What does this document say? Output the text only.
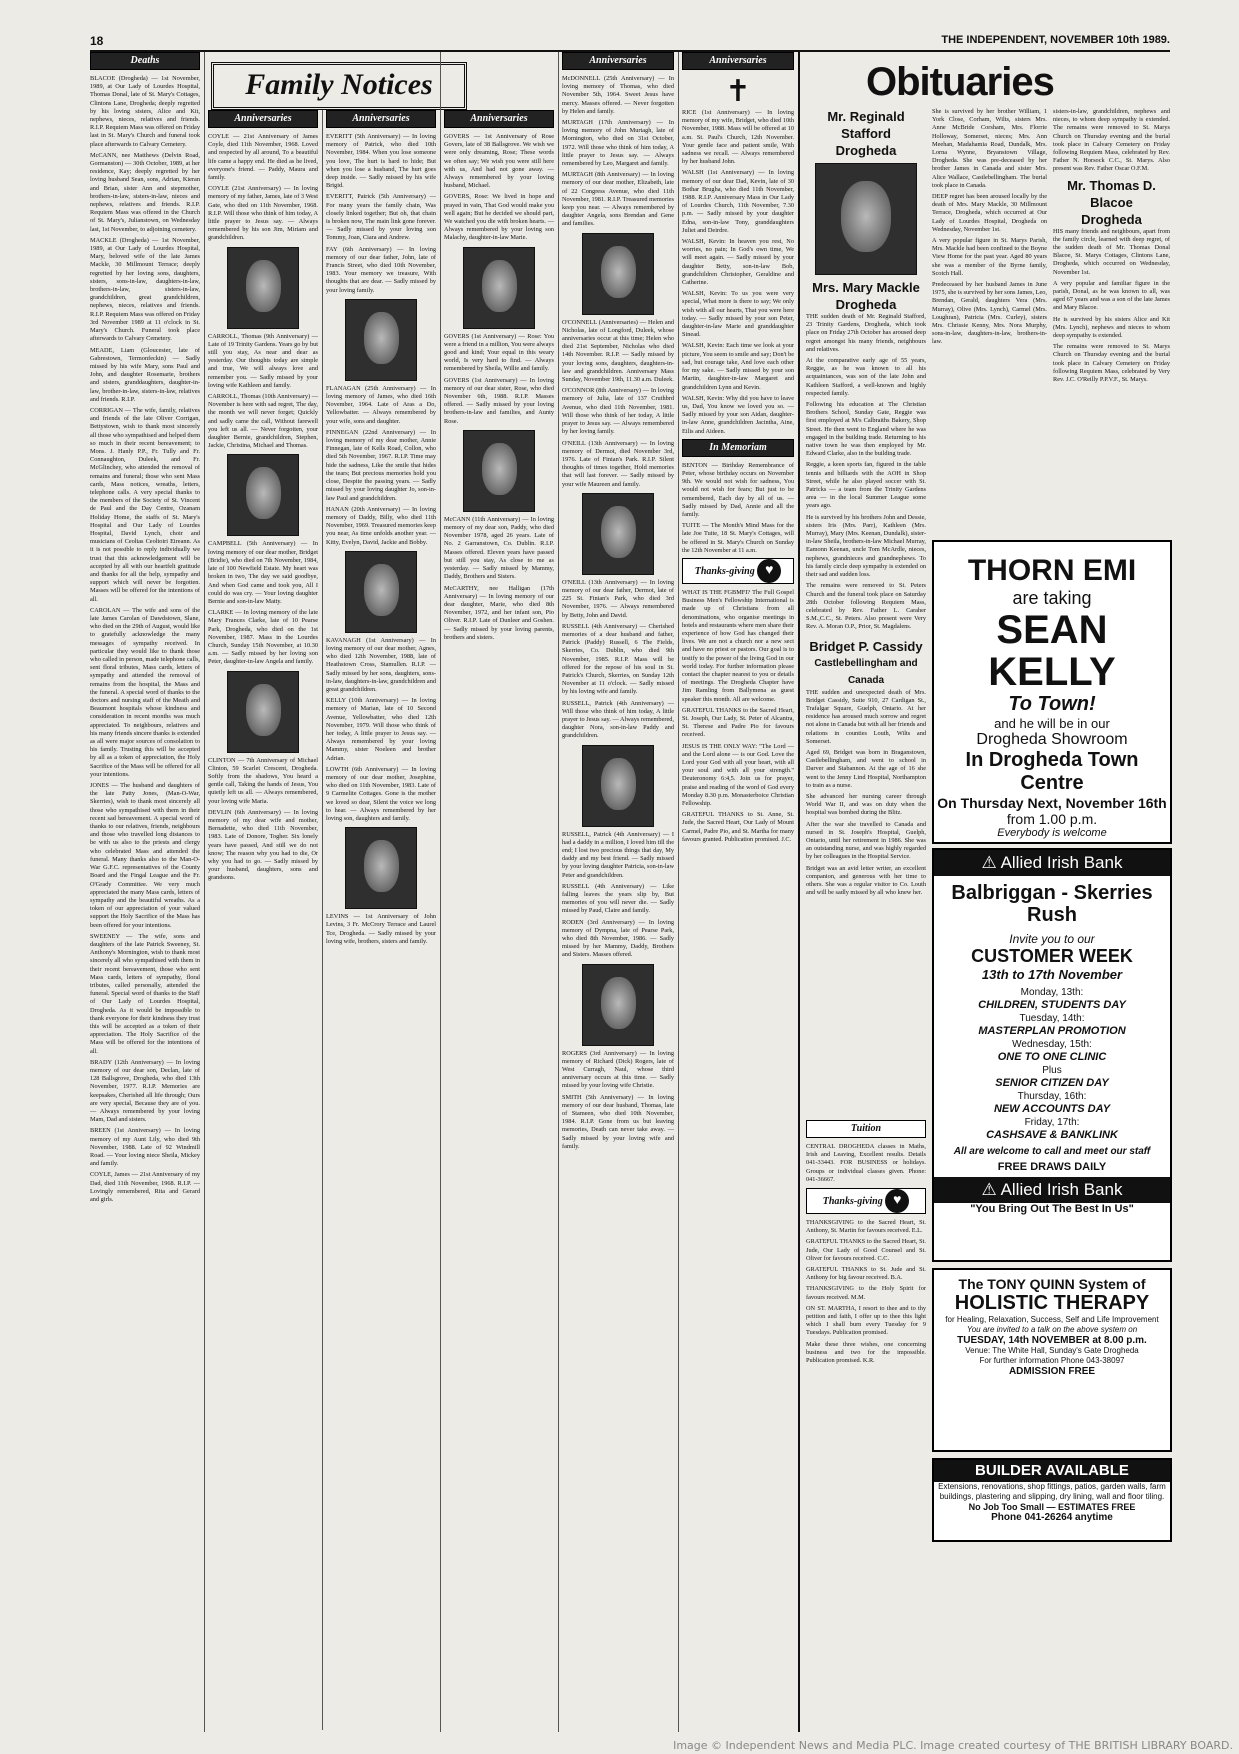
18	THE INDEPENDENT, NOVEMBER 10th 1989.
Deaths

BLACOE (Drogheda) — 1st November, 1989, at Our Lady of Lourdes Hospital, Thomas Donal, late of St. Mary's Cottages, Clintons Lane, Drogheda; deeply regretted by his loving sisters, Alice and Kit, nephews, nieces, relatives and friends. R.I.P. Requiem Mass was offered on Friday last in St. Mary's Church and funeral took place afterwards to Calvary Cemetery.

McCANN, nee Matthews (Delvin Road, Gormanston) — 30th October, 1989, at her residence, Kay; deeply regretted by her loving husband Sean, sons, Adrian, Kieran and Brian, sister Ann and stepmother, brothers-in-law, sisters-in-law, nieces and nephews, relatives and friends. R.I.P. Requiem Mass was offered in the Church of St. Mary's, Julianstown, on Wednesday last, 1st November, to adjoining cemetery.

MACKLE (Drogheda) — 1st November, 1989, at Our Lady of Lourdes Hospital, Mary, beloved wife of the late James Mackle, 30 Millmount Terrace; deeply regretted by her loving sons, daughters, sisters, sons-in-law, daughters-in-law, brothers-in-law, sisters-in-law, grandchildren, great grandchildren, nephews, nieces, relatives and friends. R.I.P. Requiem Mass was offered on Friday 3rd November 1989 at 11 o'clock in St. Mary's Church. Funeral took place afterwards to Calvary Cemetery.

MEADE, Liam (Gloucester, late of Gabrestown, Termonfeckin) — Sadly missed by his wife Mary, sons Paul and John, and daughter Rosemarie, brothers and sisters, granddaughters, daughter-in-law, brother-in-law, sisters-in-law, relatives and friends. R.I.P.

CORRIGAN — The wife, family, relatives and friends of the late Oliver Corrigan, Bettystown, wish to thank most sincerely all those who sympathised and helped them so much in their recent bereavement; to Mons. J. Hanly P.P., Fr. Tully and Fr. Connaughton, Duleek, and Fr. McGlinchey, who attended the removal of remains and funeral; those who sent Mass cards, Mass notices, wreaths, letters, telephone calls. A very special thanks to the members of the Society of St. Vincent de Paul and the Day Centre, Ozanam Holiday Home, the staffs of St. Mary's Hospital and Our Lady of Lourdes Hospital, David Lynch, choir and musicians of Ceoltas Ceoltoiri Eireann. As it is not possible to reply individually we trust that this acknowledgement will be accepted by all with our heartfelt gratitude and thanks for all the help, sympathy and support which will never be forgotten. Masses will be offered for the intentions of all.

CAROLAN — The wife and sons of the late James Carolan of Dawdstown, Slane, who died on the 29th of August, would like to gratefully acknowledge the many messages of sympathy received. In particular they would like to thank those who called in person, made telephone calls, sent floral tributes, Mass cards, letters of sympathy and attended the removal of remains from the hospital, the Mass and the funeral. A special word of thanks to the doctors and nursing staff of the Meath and Beaumont hospitals whose kindness and consideration in recent months was much appreciated. To neighbours, relatives and his many friends sincere thanks is extended as all were major sources of consolation to his family. Trusting this will be accepted by all as a token of appreciation, the Holy Sacrifice of the Mass will be offered for all your intentions.

JONES — The husband and daughters of the late Patty Jones, (Man-O-War, Skerries), wish to thank most sincerely all those who sympathised with them in their recent sad bereavement. A special word of thanks to our relatives, friends, neighbours and those who travelled long distances to be with us also to the priests and clergy who celebrated Mass and attended the funeral. Many thanks also to the Man-O-War G.F.C. representatives of the County Board and the Fingal League and the Fr. O'Grady Committee. We very much appreciated the many Mass cards, letters of sympathy and the beautiful wreaths. As a token of our appreciation of your valued support the Holy Sacrifice of the Mass has been offered for your intentions.

SWEENEY — The wife, sons and daughters of the late Patrick Sweeney, St. Anthony's Mornington, wish to thank most sincerely all who sympathised with them in their recent bereavement, those who sent Mass cards, letters of sympathy, floral tributes, called personally, attended the funeral. Special word of thanks to the Staff of Our Lady of Lourdes Hospital, Drogheda. As it would be impossible to thank everyone for their kindness they trust this will be accepted as a token of their appreciation. The Holy Sacrifice of the Mass will be offered for the intentions of all.

BRADY (12th Anniversary) — In loving memory of our dear son, Declan, late of 128 Ballsgrove, Drogheda, who died 13th November, 1977. R.I.P. Memories are keepsakes, Cherished all life through; Ours are very special, Because they are of you. — Always remembered by your loving Mam, Dad and sisters.

BREEN (1st Anniversary) — In loving memory of my Aunt Lily, who died 9th November, 1988. Late of 92 Windmill Road. — Your loving niece Sheila, Mickey and family.

COYLE, James — 21st Anniversary of my Dad, died 11th November, 1968. R.I.P. — Lovingly remembered, Rita and Gerard and girls.

Family Notices
Anniversaries

COYLE — 21st Anniversary of James Coyle, died 11th November, 1968. Loved and respected by all around, To a beautiful life came a happy end. He died as he lived, everyone's friend. — Paddy, Maura and family.

COYLE (21st Anniversary) — In loving memory of my father, James, late of 3 West Gate, who died on 11th November, 1968. R.I.P. Will those who think of him today, A little prayer to Jesus say. — Always remembered by his son Jim, Miriam and grandchildren.

CARROLL, Thomas (9th Anniversary) — Late of 19 Trinity Gardens. Years go by but still you stay, As near and dear as yesterday. Our thoughts today are simple and true, We will always love and remember you. — Sadly missed by your loving wife Kathleen and family.

CARROLL, Thomas (10th Anniversary) — November is here with sad regret, The day, the month we will never forget; Quickly and sadly came the call, Without farewell you left us all. — Never forgotten, your daughter Bernie, grandchildren, Stephen, Jackie, Christina, Michael and Thomas.

CAMPBELL (5th Anniversary) — In loving memory of our dear mother, Bridget (Bridie), who died on 7th November, 1984, late of 100 Newfield Estate. My heart was broken in two, The day we said goodbye, And when God came and took you, All I could do was cry. — Your loving daughter Bernie and son-in-law Matty.

CLARKE — In loving memory of the late Mary Frances Clarke, late of 10 Pearse Park, Drogheda, who died on the 1st November, 1987. Mass in the Lourdes Church, Sunday 15th November, at 10.30 a.m. — Sadly missed by her loving son Peter, daughter-in-law Angela and family.

CLINTON — 7th Anniversary of Michael Clinton, 59 Scarlet Crescent, Drogheda. Softly from the shadows, You heard a gentle call, Taking the hands of Jesus, You quietly left us all. — Always remembered, your loving wife Maria.

DEVLIN (6th Anniversary) — In loving memory of my dear wife and mother, Bernadette, who died 11th November, 1983. Late of Donore, Togher. Six lonely years have passed, And still we do not know; The reason why you had to die, Or why you had to go. — Sadly missed by your husband, daughters, sons and grandsons.

Anniversaries

EVERITT (5th Anniversary) — In loving memory of Patrick, who died 10th November, 1984. When you lose someone you love, The hurt is hard to hide; But when you lose a husband, The hurt goes deep inside. — Sadly missed by his wife Brigid.

EVERITT, Patrick (5th Anniversary) — For many years the family chain, Was closely linked together; But oh, that chain is broken now, The main link gone forever. — Sadly missed by your loving son Tommy, Joan, Ciara and Andrew.

FAY (6th Anniversary) — In loving memory of our dear father, John, late of Francis Street, who died 10th November, 1983. Your memory we treasure, With thoughts that are dear. — Sadly missed by your loving family.

FLANAGAN (25th Anniversary) — In loving memory of James, who died 16th November, 1964. Late of Aras a Do, Yellowbatter. — Always remembered by your wife, sons and daughter.

FINNEGAN (22nd Anniversary) — In loving memory of my dear mother, Annie Finnegan, late of Kells Road, Collon, who died 5th November, 1967. R.I.P. Time may hide the sadness, Like the smile that hides the tears; But precious memories hold you close, Despite the passing years. — Sadly missed by your loving daughter Jo, son-in-law Paul and grandchildren.

HANAN (20th Anniversary) — In loving memory of Daddy, Billy, who died 11th November, 1969. Treasured memories keep you near, As time unfolds another year. — Kitty, Evelyn, David, Jackie and Bobby.

KAVANAGH (1st Anniversary) — In loving memory of our dear mother, Agnes, who died 12th November, 1988, late of Heathstown Cross, Stamullen. R.I.P. — Sadly missed by her sons, daughters, sons-in-law, daughters-in-law, grandchildren and great grandchildren.

KELLY (10th Anniversary) — In loving memory of Marian, late of 10 Second Avenue, Yellowbatter, who died 12th November, 1979. Will those who think of her today, A little prayer to Jesus say. — Always remembered by your loving Mammy, sister Noeleen and brother Adrian.

LOWTH (6th Anniversary) — In loving memory of our dear mother, Josephine, who died on 11th November, 1983. Late of 9 Carmelite Cottages. Gone is the mother we loved so dear, Silent the voice we long to hear. — Always remembered by her loving son, daughters and family.

LEVINS — 1st Anniversary of John Levins, 3 Fr. McCrory Terrace and Laurel Tce, Drogheda. — Sadly missed by your loving wife, brothers, sisters and family.

Anniversaries

GOVERS — 1st Anniversary of Rose Govers, late of 38 Ballsgrove. We wish we were only dreaming, Rose; These words we often say; We wish you were still here with us, And had not gone away. — Always remembered by your loving husband, Michael.

GOVERS, Rose: We lived in hope and prayed in vain, That God would make you well again; But he decided we should part, We watched you die with broken hearts. — Always remembered by your loving son Malachy, daughter-in-law Marie.

GOVERS (1st Anniversary) — Rose: You were a friend in a million, You were always good and kind; Your equal in this weary world, Is very hard to find. — Always remembered by Sheila, Willie and family.

GOVERS (1st Anniversary) — In loving memory of our dear sister, Rose, who died November 6th, 1988. R.I.P. Masses offered. — Sadly missed by your loving brothers-in-law and families, and Aunty Rose.

McCANN (11th Anniversary) — In loving memory of my dear son, Paddy, who died November 1978, aged 26 years. Late of No. 2 Garranstown, Co. Dublin. R.I.P. Masses offered. Eleven years have passed but still you stay, As close to me as yesterday. — Sadly missed by Mammy, Daddy, Brothers and Sisters.

McCARTHY, nee Halligan (17th Anniversary) — In loving memory of our dear daughter, Marie, who died 8th November, 1972, and her infant son, Pio Oliver. R.I.P. Late of Dunleer and Goshen. — Sadly missed by your loving parents, brothers and sisters.

Anniversaries

McDONNELL (25th Anniversary) — In loving memory of Thomas, who died November 5th, 1964. Sweet Jesus have mercy. Masses offered. — Never forgotten by Helen and family.

MURTAGH (17th Anniversary) — In loving memory of John Murtagh, late of Mornington, who died on 31st October, 1972. Will those who think of him today, A little prayer to Jesus say. — Always remembered by Leo, Margaret and family.

MURTAGH (8th Anniversary) — In loving memory of our dear mother, Elizabeth, late of 22 Congress Avenue, who died 11th November, 1981. R.I.P. Treasured memories keep you near. — Always remembered by daughter Angela, sons Brendan and Gene and families.

O'CONNELL (Anniversaries) — Helen and Nicholas, late of Longford, Duleek, whose anniversaries occur at this time; Helen who died 21st September, Nicholas who died 14th November. R.I.P. — Sadly missed by your loving sons, daughters, daughters-in-law and grandchildren. Anniversary Mass Sunday, November 19th, 11.30 a.m. Duleek.

O'CONNOR (8th Anniversary) — In loving memory of Julia, late of 137 Cruthbrd Avenue, who died 11th November, 1981. Will those who think of her today, A little prayer to Jesus say. — Always remembered by her loving family.

O'NEILL (13th Anniversary) — In loving memory of Dermot, died November 3rd, 1976. Late of Finian's Park. R.I.P. Silent thoughts of times together, Hold memories that will last forever. — Sadly missed by your wife Maureen and family.

O'NEILL (13th Anniversary) — In loving memory of our dear father, Dermot, late of 225 St. Finian's Park, who died 3rd November, 1976. — Always remembered by Betty, John and David.

RUSSELL (4th Anniversary) — Cherished memories of a dear husband and father, Patrick (Paddy) Russell, 6 The Fields, Skerries, Co. Dublin, who died 9th November, 1985. R.I.P. Mass will be offered for the repose of his soul in St. Patrick's Church, Skerries, on Sunday 12th November at 11 o'clock. — Sadly missed by his loving wife and family.

RUSSELL, Patrick (4th Anniversary) — Will those who think of him today, A little prayer to Jesus say. — Always remembered, daughter Nora, son-in-law Paddy and grandchildren.

RUSSELL, Patrick (4th Anniversary) — I had a daddy in a million, I loved him till the end; I lost two precious things that day, My daddy and my best friend. — Sadly missed by your loving daughter Patricia, son-in-law Peter and grandchildren.

RUSSELL (4th Anniversary) — Like falling leaves the years slip by, But memories of you will never die. — Sadly missed by Paud, Claire and family.

RODEN (3rd Anniversary) — In loving memory of Dympna, late of Pearse Park, who died 8th November, 1986. — Sadly missed by her Mammy, Daddy, Brothers and Sisters. Masses offered.

ROGERS (3rd Anniversary) — In loving memory of Richard (Dick) Rogers, late of West Curragh, Naul, whose third anniversary occurs at this time. — Sadly missed by your loving wife Christie.

SMITH (5th Anniversary) — In loving memory of our dear husband, Thomas, late of Stameen, who died 10th November, 1984. R.I.P. Gone from us but leaving memories, Death can never take away. — Sadly missed by your loving wife and family.

Anniversaries
✝

RICE (1st Anniversary) — In loving memory of my wife, Bridget, who died 10th November, 1988. Mass will be offered at 10 a.m. St. Paul's Church, 12th November. Your gentle face and patient smile, With sadness we recall. — Always remembered by her husband John.

WALSH (1st Anniversary) — In loving memory of our dear Dad, Kevin, late of 30 Bothar Brugha, who died 11th November, 1988. R.I.P. Anniversary Mass in Our Lady of Lourdes Church, 11th November, 7.30 p.m. — Sadly missed by your daughter Edna, son-in-law Tony, granddaughters Juliet and Deirdre.

WALSH, Kevin: In heaven you rest, No worries, no pain; In God's own time, We will meet again. — Sadly missed by your daughter Betty, son-in-law Bob, grandchildren Christopher, Geraldine and Catherine.

WALSH, Kevin: To us you were very special, What more is there to say; We only wish with all our hearts, That you were here today. — Sadly missed by your son Peter, daughter-in-law Marie and granddaughter Sinead.

WALSH, Kevin: Each time we look at your picture, You seem to smile and say; Don't be sad, but courage take, And love each other for my sake. — Sadly missed by your son Martin, daughter-in-law Margaret and grandchildren Lynn and Kevin.

WALSH, Kevin: Why did you have to leave us, Dad, You know we loved you so. — Sadly missed by your son Aidan, daughter-in-law Anne, grandchildren Jacintha, Aine, Eilis and Aideen.

In Memoriam

BENTON — Birthday Remembrance of Peter, whose birthday occurs on November 9th. We would not wish for sadness, You would not wish for fears; But just to be remembered, Each day by all of us. — Sadly missed by Dad, Annie and all the family.

TUITE — The Month's Mind Mass for the late Joe Tuite, 18 St. Mary's Cottages, will be offered in St. Mary's Church on Sunday the 12th November at 11 a.m.

Thanks-giving ♥

WHAT IS THE FGBMFI? The Full Gospel Business Men's Fellowship International is made up of Christians from all denominations, who organise meetings in hotels and restaurants where men share their experience of how God has changed their lives. We are not a church nor a new sect and have no priest or pastors. Our goal is to testify to the power of the living God in our world today. For further information please contact the chapter nearest to you or details of meetings. The Drogheda Chapter have Jim Ramling from Ballymena as guest speaker this month. All are welcome.

GRATEFUL THANKS to the Sacred Heart, St. Joseph, Our Lady, St. Peter of Alcantra, St. Therese and Padre Pio for favours received.

JESUS IS THE ONLY WAY: "The Lord — and the Lord alone — is our God. Love the Lord your God with all your heart, with all your soul and with all your strength." Deuteronomy 6:4,5. Join us for prayer, praise and reading of the word of God every Monday 8.30 p.m. Monasterboice Christian Fellowship.

GRATEFUL THANKS to St. Anne, St. Jude, the Sacred Heart, Our Lady of Mount Carmel, Padre Pio, and St. Martha for many favours granted. Publication promised. J.C.

Obituaries
Mr. Reginald Stafford
Drogheda
Mrs. Mary Mackle
Drogheda

THE sudden death of Mr. Reginald Stafford, 23 Trinity Gardens, Drogheda, which took place on Friday 27th October has aroused deep regret amongst his many friends, neighbours and relatives.

At the comparative early age of 55 years, Reggie, as he was known to all his acquaintances, was son of the late John and Kathleen Stafford, a well-known and highly respected family.

Following his education at The Christian Brothers School, Sunday Gate, Reggie was first employed at M/s Calbraiths Bakery, Shop Street. He then went to England where he was engaged in the building trade. Returning to his native town he was then employed by Mr. Edward Clarke, also in the building trade.

Reggie, a keen sports fan, figured in the table tennis and billiards with the AOH in Shop Street, while he also played soccer with St. Patricks — a team from the Trinity Gardens area — in the local Summer League some years ago.

He is survived by his brothers John and Dessie, sisters Iris (Mrs. Parr), Kathleen (Mrs. Murray), Mary (Mrs. Keenan, Dundalk), sister-in-law Sheila, brothers-in-law Michael Murray, Eamonn Keenan, uncle Tom McArdle, nieces, nephews, grandnieces and grandnephews. To his family circle deep sympathy is extended on their sad and sudden loss.

The remains were removed to St. Peters Church and the funeral took place on Saturday 28th October following Requiem Mass, celebrated by Rev. Father L. Caraher S.M.,C.C., St. Peters. Also present were Very Rev. A. Moran O.P., Prior, St. Magdalens.

Bridget P. Cassidy
Castlebellingham and Canada

THE sudden and unexpected death of Mrs. Bridget Cassidy, Suite 910, 27 Cardigan St., Trafalgar Square, Guelph, Ontario. At her residence has aroused much sorrow and regret not alone in Canada but with all her friends and relations in counties Louth, Wilts and Somerset.

Aged 69, Bridget was born in Braganstown, Castlebellingham, and went to school in Darver and Stabannon. At the age of 16 she went to the Jenny Lind Hospital, Northampton to train as a nurse.

She advanced her nursing career through World War II, and was on duty when the hospital was bombed during the Blitz.

After the war she travelled to Canada and nursed in St. Joseph's Hospital, Guelph, Ontario, until her retirement in 1986. She was an outstanding nurse, and was highly regarded by her colleagues in the Hospital Service.

Bridget was an avid letter writer, an excellent companion, and generous with her time to others. She was a regular visitor to Co. Louth and will be sadly missed by all who knew her.

She is survived by her brother William, 1 York Close, Corham, Wilts, sisters Mrs. Anne McBride Corsham, Mrs. Florrie Holloway, Somerset, nieces; Mrs. Ann Meehan, Madahamia Road, Dundalk, Mrs. Lorna Wynne, Bryanstown Village, Drogheda. She was pre-deceased by her brother James in Canada and sister Mrs. Alice Wallace, Castlebellingham. The burial took place in Canada.

DEEP regret has been aroused locally by the death of Mrs. Mary Mackle, 30 Millmount Terrace, Drogheda, which occurred at Our Lady of Lourdes Hospital, Drogheda on Wednesday, November 1st.

A very popular figure in St. Marys Parish, Mrs. Mackle had been confined to the Boyne View Home for the past year. Aged 80 years she was a member of the Byrne family, Scotch Hall.

Predeceased by her husband James in June 1975, she is survived by her sons James, Leo, Brendan, Gerald, daughters Vera (Mrs. Murray), Olive (Mrs. Lynch), Carmel (Mrs. Loughran), Patricia (Mrs. Curley), sisters Mrs. Chrissie Kenny, Mrs. Nora Murphy, sons-in-law, daughters-in-law, brothers-in-law.

sisters-in-law, grandchildren, nephews and nieces, to whom deep sympathy is extended. The remains were removed to St. Marys Church on Thursday evening and the burial took place in Calvary Cemetery on Friday following Requiem Mass, celebrated by Rev. Father N. Horsock C.C., St. Marys. Also present was Rev. Father Oscar O.F.M.

Mr. Thomas D. Blacoe
Drogheda

HIS many friends and neighbours, apart from the family circle, learned with deep regret, of the sudden death of Mr. Thomas Donal Blacoe, St. Marys Cottages, Clintons Lane, Drogheda, which occurred on Wednesday, November 1st.

A very popular and familiar figure in the parish, Donal, as he was known to all, was aged 67 years and was a son of the late James and Mary Blacoe.

He is survived by his sisters Alice and Kit (Mrs. Lynch), nephews and nieces to whom deep sympathy is extended.

The remains were removed to St. Marys Church on Thursday evening and the burial took place in Calvary Cemetery on Friday following Requiem Mass, celebrated by Very Rev. J.C. O'Reilly P.P.V.F., St. Marys.

THORN EMI
are taking
SEAN
KELLY
To Town!
and he will be in our
Drogheda Showroom
In Drogheda Town Centre
On Thursday Next, November 16th
from 1.00 p.m.
Everybody is welcome
⚠ Allied Irish Bank
Balbriggan - Skerries Rush
Invite you to our
CUSTOMER WEEK
13th to 17th November
Monday, 13th:
CHILDREN, STUDENTS DAY
Tuesday, 14th:
MASTERPLAN PROMOTION
Wednesday, 15th:
ONE TO ONE CLINIC
Plus
SENIOR CITIZEN DAY
Thursday, 16th:
NEW ACCOUNTS DAY
Friday, 17th:
CASHSAVE & BANKLINK
All are welcome to call and meet our staff
FREE DRAWS DAILY
⚠ Allied Irish Bank
"You Bring Out The Best In Us"
The TONY QUINN System of
HOLISTIC THERAPY
for Healing, Relaxation, Success, Self and Life Improvement
You are invited to a talk on the above system on
TUESDAY, 14th NOVEMBER at 8.00 p.m.
Venue: The White Hall, Sunday's Gate Drogheda
For further information Phone 043-38097
ADMISSION FREE
BUILDER AVAILABLE
Extensions, renovations, shop fittings, patios, garden walls, farm buildings, plastering and slipping, dry lining, wall and floor tiling.
No Job Too Small — ESTIMATES FREE
Phone 041-26264 anytime
Image © Independent News and Media PLC. Image created courtesy of THE BRITISH LIBRARY BOARD.
Tuition

CENTRAL DROGHEDA classes in Maths, Irish and Leaving, Excellent results. Details 041-33443. FOR BUSINESS or holidays. Groups or individual classes given. Phone: 041-36667.

Thanks-giving ♥

THANKSGIVING to the Sacred Heart, St. Anthony, St. Martin for favours received. E.L.

GRATEFUL THANKS to the Sacred Heart, St. Jude, Our Lady of Good Counsel and St. Oliver for favours received. C.C.

GRATEFUL THANKS to St. Jude and St. Anthony for big favour received. B.A.

THANKSGIVING to the Holy Spirit for favours received. M.M.

ON ST. MARTHA, I resort to thee and to thy petition and faith, I offer up to thee this light which I shall burn every Tuesday for 9 Tuesdays. Publication promised.

Make these three wishes, one concerning business and two for the impossible. Publication promised. K.R.
